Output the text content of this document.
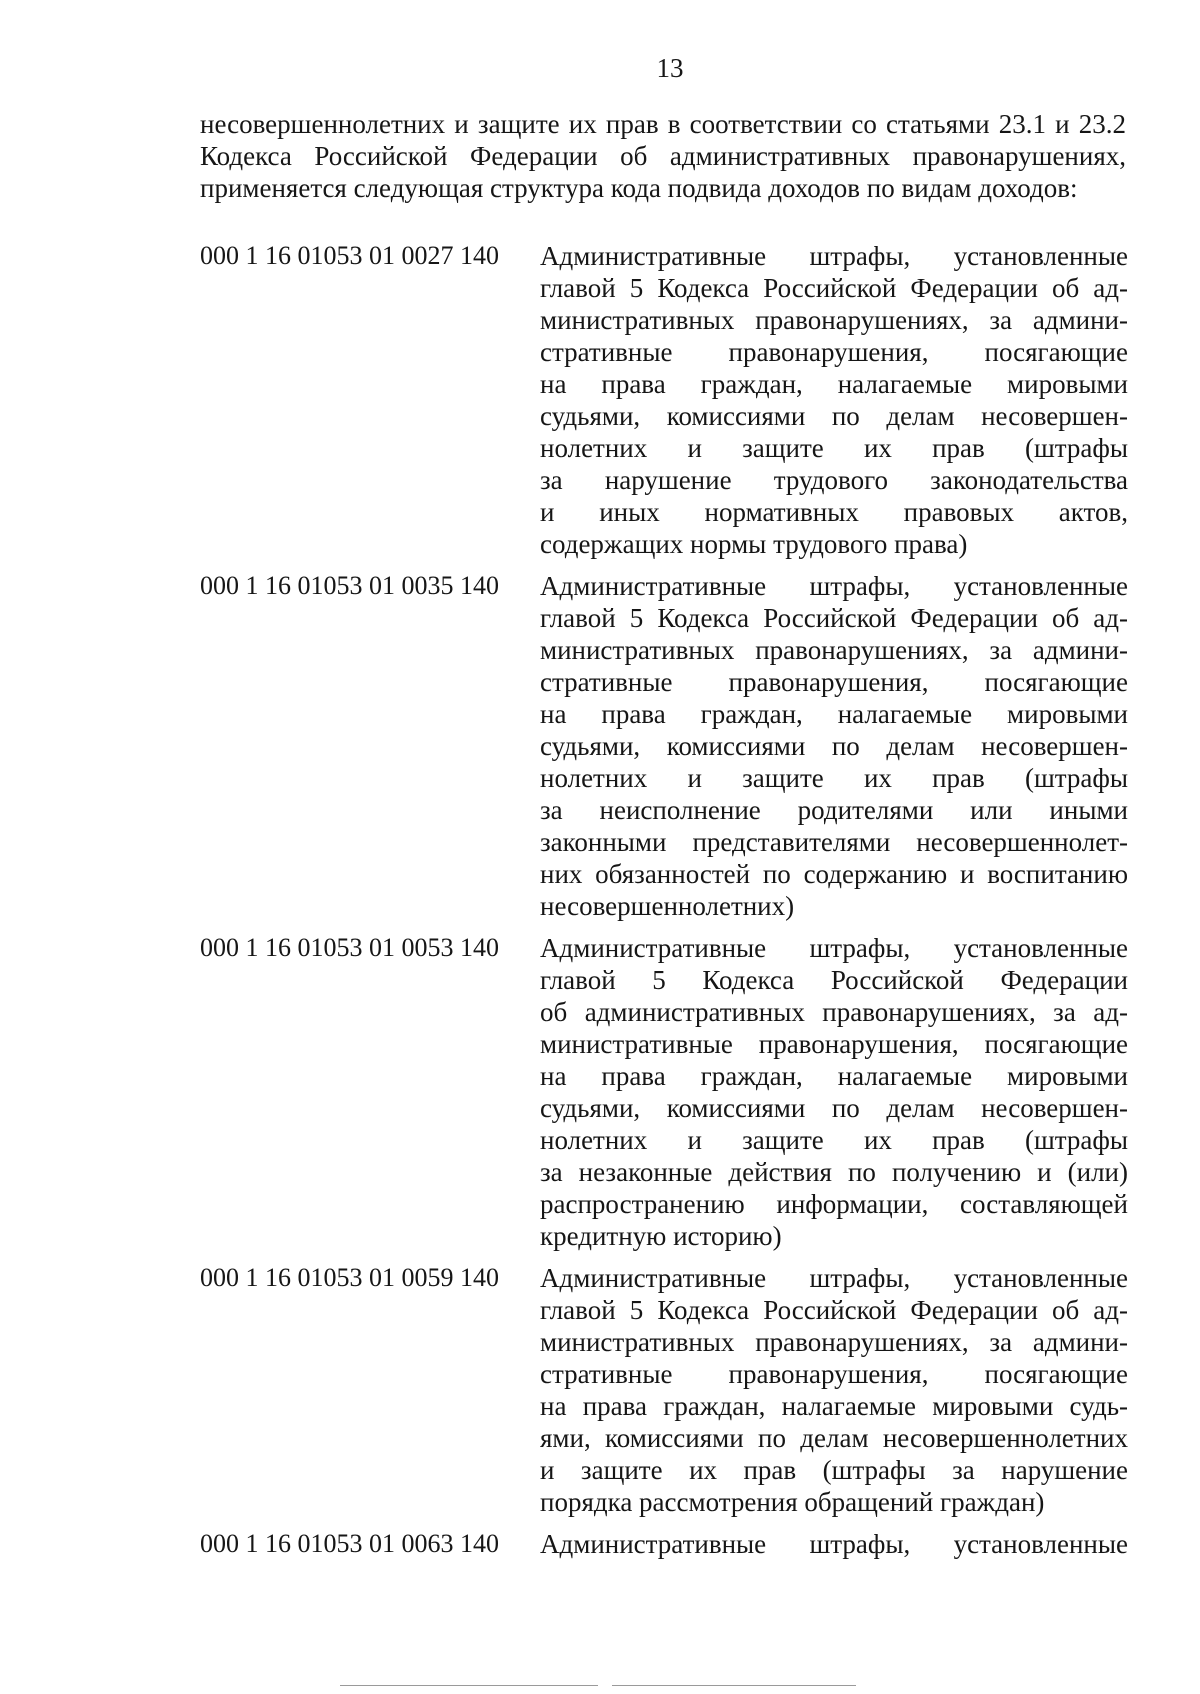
13
несовершеннолетних и защите их прав в соответствии со статьями 23.1 и 23.2
Кодекса Российской Федерации об административных правонарушениях,
применяется следующая структура кода подвида доходов по видам доходов:
000 1 16 01053 01 0027 140	Административные штрафы, установленные
главой 5 Кодекса Российской Федерации об ад-
министративных правонарушениях, за админи-
стративные правонарушения, посягающие
на права граждан, налагаемые мировыми
судьями, комиссиями по делам несовершен-
нолетних и защите их прав (штрафы
за нарушение трудового законодательства
и иных нормативных правовых актов,
содержащих нормы трудового права)
000 1 16 01053 01 0035 140	Административные штрафы, установленные
главой 5 Кодекса Российской Федерации об ад-
министративных правонарушениях, за админи-
стративные правонарушения, посягающие
на права граждан, налагаемые мировыми
судьями, комиссиями по делам несовершен-
нолетних и защите их прав (штрафы
за неисполнение родителями или иными
законными представителями несовершеннолет-
них обязанностей по содержанию и воспитанию
несовершеннолетних)
000 1 16 01053 01 0053 140	Административные штрафы, установленные
главой 5 Кодекса Российской Федерации
об административных правонарушениях, за ад-
министративные правонарушения, посягающие
на права граждан, налагаемые мировыми
судьями, комиссиями по делам несовершен-
нолетних и защите их прав (штрафы
за незаконные действия по получению и (или)
распространению информации, составляющей
кредитную историю)
000 1 16 01053 01 0059 140	Административные штрафы, установленные
главой 5 Кодекса Российской Федерации об ад-
министративных правонарушениях, за админи-
стративные правонарушения, посягающие
на права граждан, налагаемые мировыми судь-
ями, комиссиями по делам несовершеннолетних
и защите их прав (штрафы за нарушение
порядка рассмотрения обращений граждан)
000 1 16 01053 01 0063 140	Административные штрафы, установленные
